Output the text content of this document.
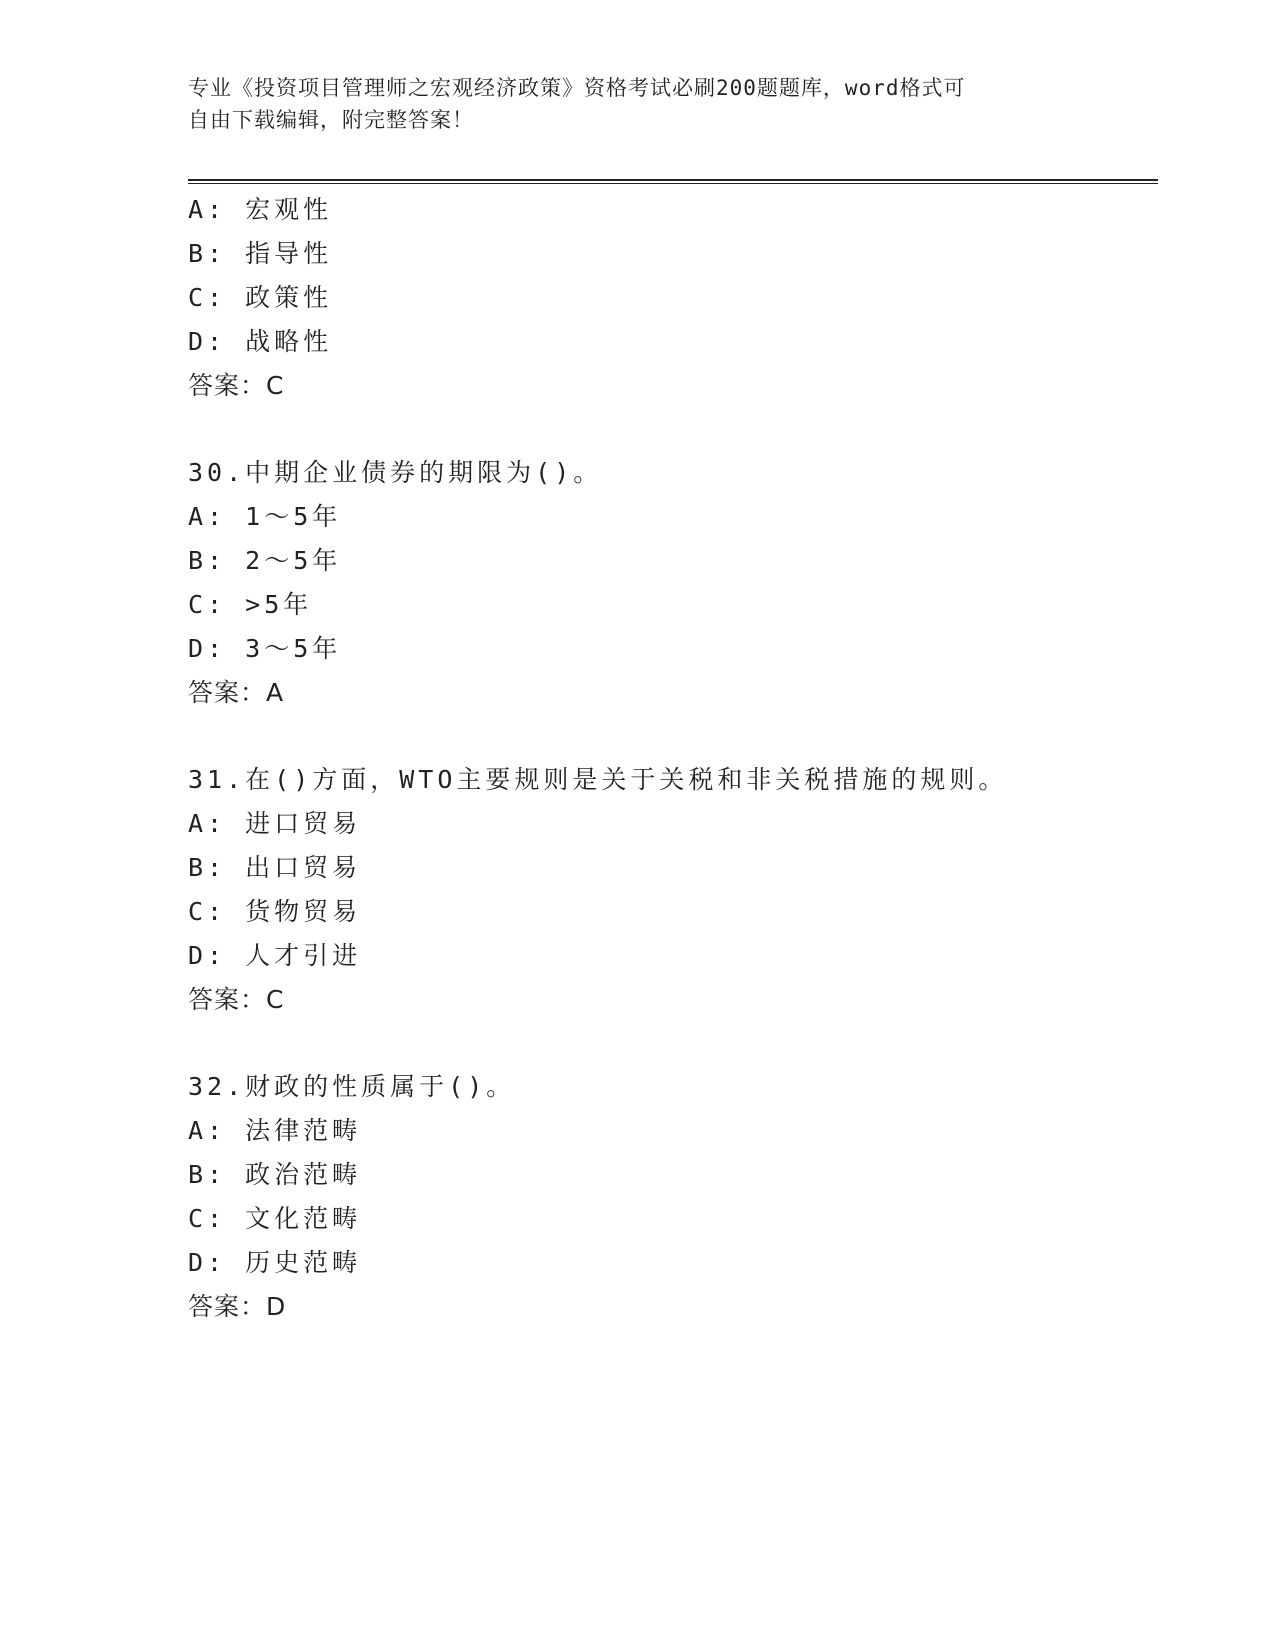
专业《投资项目管理师之宏观经济政策》资格考试必刷200题题库，word格式可
自由下载编辑，附完整答案！
A: 宏观性
B: 指导性
C: 政策性
D: 战略性
答案：C
30.中期企业债券的期限为()。
A: 1～5年
B: 2～5年
C: >5年
D: 3～5年
答案：A
31.在()方面，WTO主要规则是关于关税和非关税措施的规则。
A: 进口贸易
B: 出口贸易
C: 货物贸易
D: 人才引进
答案：C
32.财政的性质属于()。
A: 法律范畴
B: 政治范畴
C: 文化范畴
D: 历史范畴
答案：D
